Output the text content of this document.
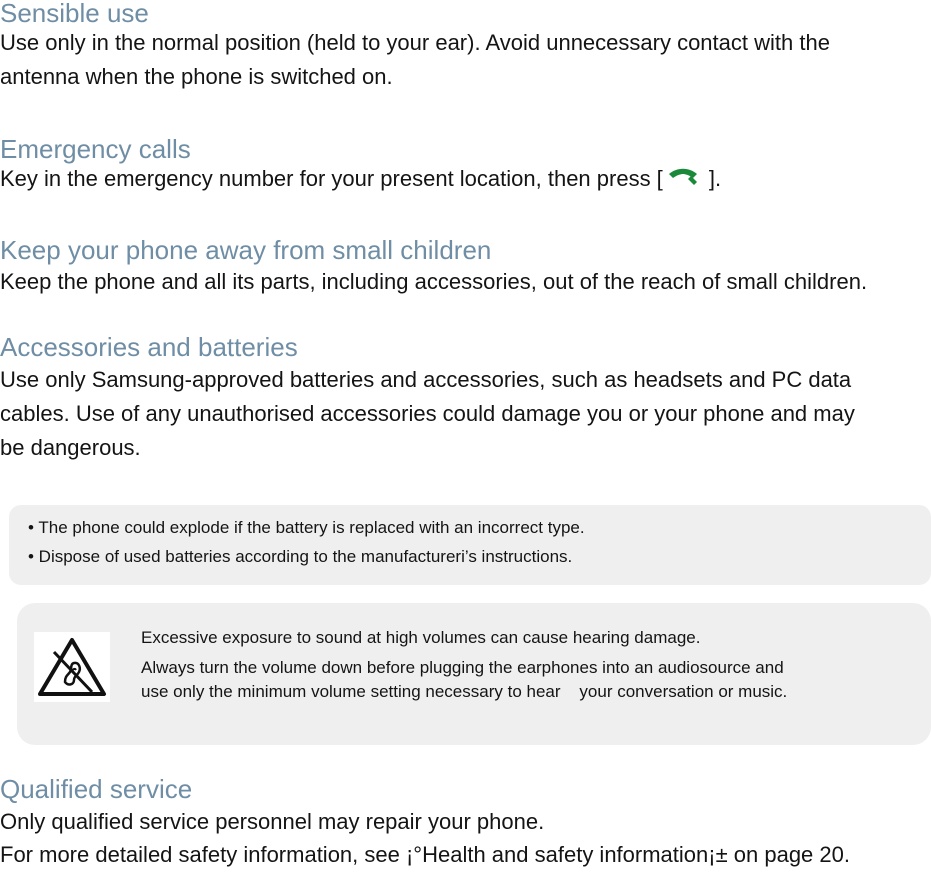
Sensible use

Use only in the normal position (held to your ear). Avoid unnecessary contact with the

antenna when the phone is switched on.

Emergency calls

Key in the emergency number for your present location, then press [ ].

Keep your phone away from small children

Keep the phone and all its parts, including accessories, out of the reach of small children.

Accessories and batteries

Use only Samsung-approved batteries and accessories, such as headsets and PC data

cables. Use of any unauthorised accessories could damage you or your phone and may

be dangerous.

• The phone could explode if the battery is replaced with an incorrect type.

• Dispose of used batteries according to the manufactureri’s instructions.

Excessive exposure to sound at high volumes can cause hearing damage.

Always turn the volume down before plugging the earphones into an audiosource and

use only the minimum volume setting necessary to hear    your conversation or music.

Qualified service

Only qualified service personnel may repair your phone.

For more detailed safety information, see ¡°Health and safety information¡± on page 20.
